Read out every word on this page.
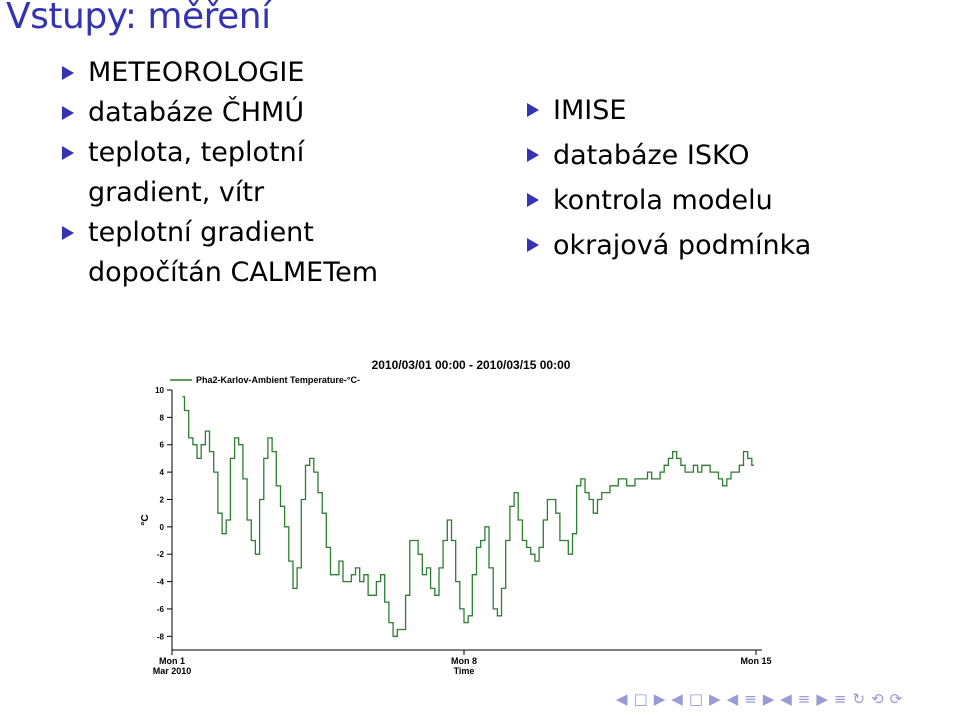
Vstupy: měření
METEOROLOGIE
databáze ČHMÚ
teplota, teplotní gradient, vítr
teplotní gradient dopočítán CALMETem
IMISE
databáze ISKO
kontrola modelu
okrajová podmínka
2010/03/01 00:00 - 2010/03/15 00:00
Pha2-Karlov-Ambient Temperature-°C-
°C
10
8
6
4
2
0
-2
-4
-6
-8
Mon 1
Mar 2010
Mon 8
Time
Mon 15
◀ □ ▶ ◀ □ ▶ ◀ ≡ ▶ ◀ ≡ ▶ ≡ ↻ ⟲ ⟳
